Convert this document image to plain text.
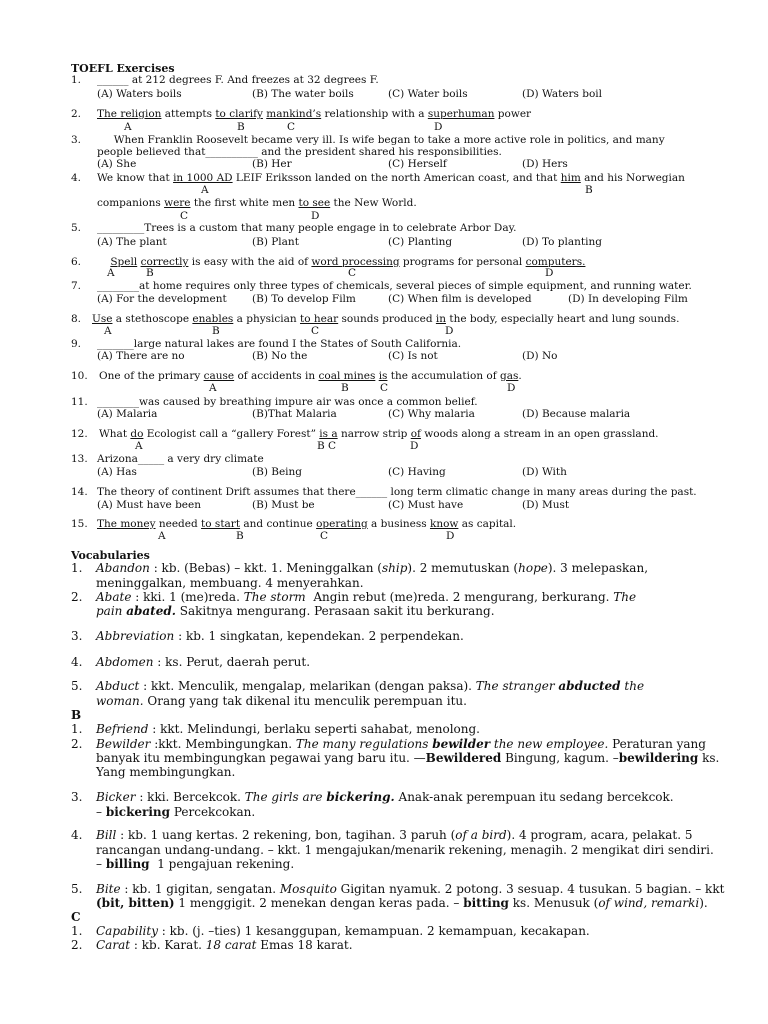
TOEFL Exercises
1. ______ at 212 degrees F. And freezes at 32 degrees F.
(A) Waters boils	(B) The water boils	(C) Water boils	(D) Waters boil
2. The religion attempts to clarify mankind’s relationship with a superhuman power
A	B	C	D
3. When Franklin Roosevelt became very ill. Is wife began to take a more active role in politics, and many
people believed that__________ and the president shared his responsibilities.
(A) She	(B) Her	(C) Herself	(D) Hers
4. We know that in 1000 AD LEIF Eriksson landed on the north American coast, and that him and his Norwegian
companions were the first white men to see the New World.
A	B
C	D
5. _________Trees is a custom that many people engage in to celebrate Arbor Day.
(A) The plant	(B) Plant	(C) Planting	(D) To planting
6.	Spell correctly is easy with the aid of word processing programs for personal computers.
A	B	C	D
7. ________at home requires only three types of chemicals, several pieces of simple equipment, and running water.
(A) For the development (B) To develop Film	(C) When film is developed	(D) In developing Film
8. Use a stethoscope enables a physician to hear sounds produced in the body, especially heart and lung sounds.
A	B	C	D
9. _______large natural lakes are found I the States of South California.
(A) There are no	(B) No the	(C) Is not	(D) No
10. One of the primary cause of accidents in coal mines is the accumulation of gas.
A	B	C	D
11. ________was caused by breathing impure air was once a common belief.
(A) Malaria	(B)That Malaria	(C) Why malaria	(D) Because malaria
12. What do Ecologist call a “gallery Forest” is a narrow strip of woods along a stream in an open grassland.
A	B C	D
13. Arizona_____ a very dry climate
(A) Has	(B) Being	(C) Having	(D) With
14. The theory of continent Drift assumes that there______ long term climatic change in many areas during the past.
(A) Must have been	(B) Must be	(C) Must have	(D) Must
15. The money needed to start and continue operating a business know as capital.
A	B	C	D
Vocabularies
1. Abandon : kb. (Bebas) – kkt. 1. Meninggalkan (ship). 2 memutuskan (hope). 3 melepaskan,
meninggalkan, membuang. 4 menyerahkan.
2. Abate : kki. 1 (me)reda. The storm  Angin rebut (me)reda. 2 mengurang, berkurang. The
pain abated. Sakitnya mengurang. Perasaan sakit itu berkurang.
3. Abbreviation : kb. 1 singkatan, kependekan. 2 perpendekan.
4. Abdomen : ks. Perut, daerah perut.
5. Abduct : kkt. Menculik, mengalap, melarikan (dengan paksa). The stranger abducted the
woman. Orang yang tak dikenal itu menculik perempuan itu.
B
1. Befriend : kkt. Melindungi, berlaku seperti sahabat, menolong.
2. Bewilder :kkt. Membingungkan. The many regulations bewilder the new employee. Peraturan yang
banyak itu membingungkan pegawai yang baru itu. —Bewildered Bingung, kagum. –bewildering ks.
Yang membingungkan.
3. Bicker : kki. Bercekcok. The girls are bickering. Anak-anak perempuan itu sedang bercekcok.
– bickering Percekcokan.
4. Bill : kb. 1 uang kertas. 2 rekening, bon, tagihan. 3 paruh (of a bird). 4 program, acara, pelakat. 5
rancangan undang-undang. – kkt. 1 mengajukan/menarik rekening, menagih. 2 mengikat diri sendiri.
– billing  1 pengajuan rekening.
5. Bite : kb. 1 gigitan, sengatan. Mosquito Gigitan nyamuk. 2 potong. 3 sesuap. 4 tusukan. 5 bagian. – kkt
(bit, bitten) 1 menggigit. 2 menekan dengan keras pada. – bitting ks. Menusuk (of wind, remarki).
C
1. Capability : kb. (j. –ties) 1 kesanggupan, kemampuan. 2 kemampuan, kecakapan.
2. Carat : kb. Karat. 18 carat Emas 18 karat.
